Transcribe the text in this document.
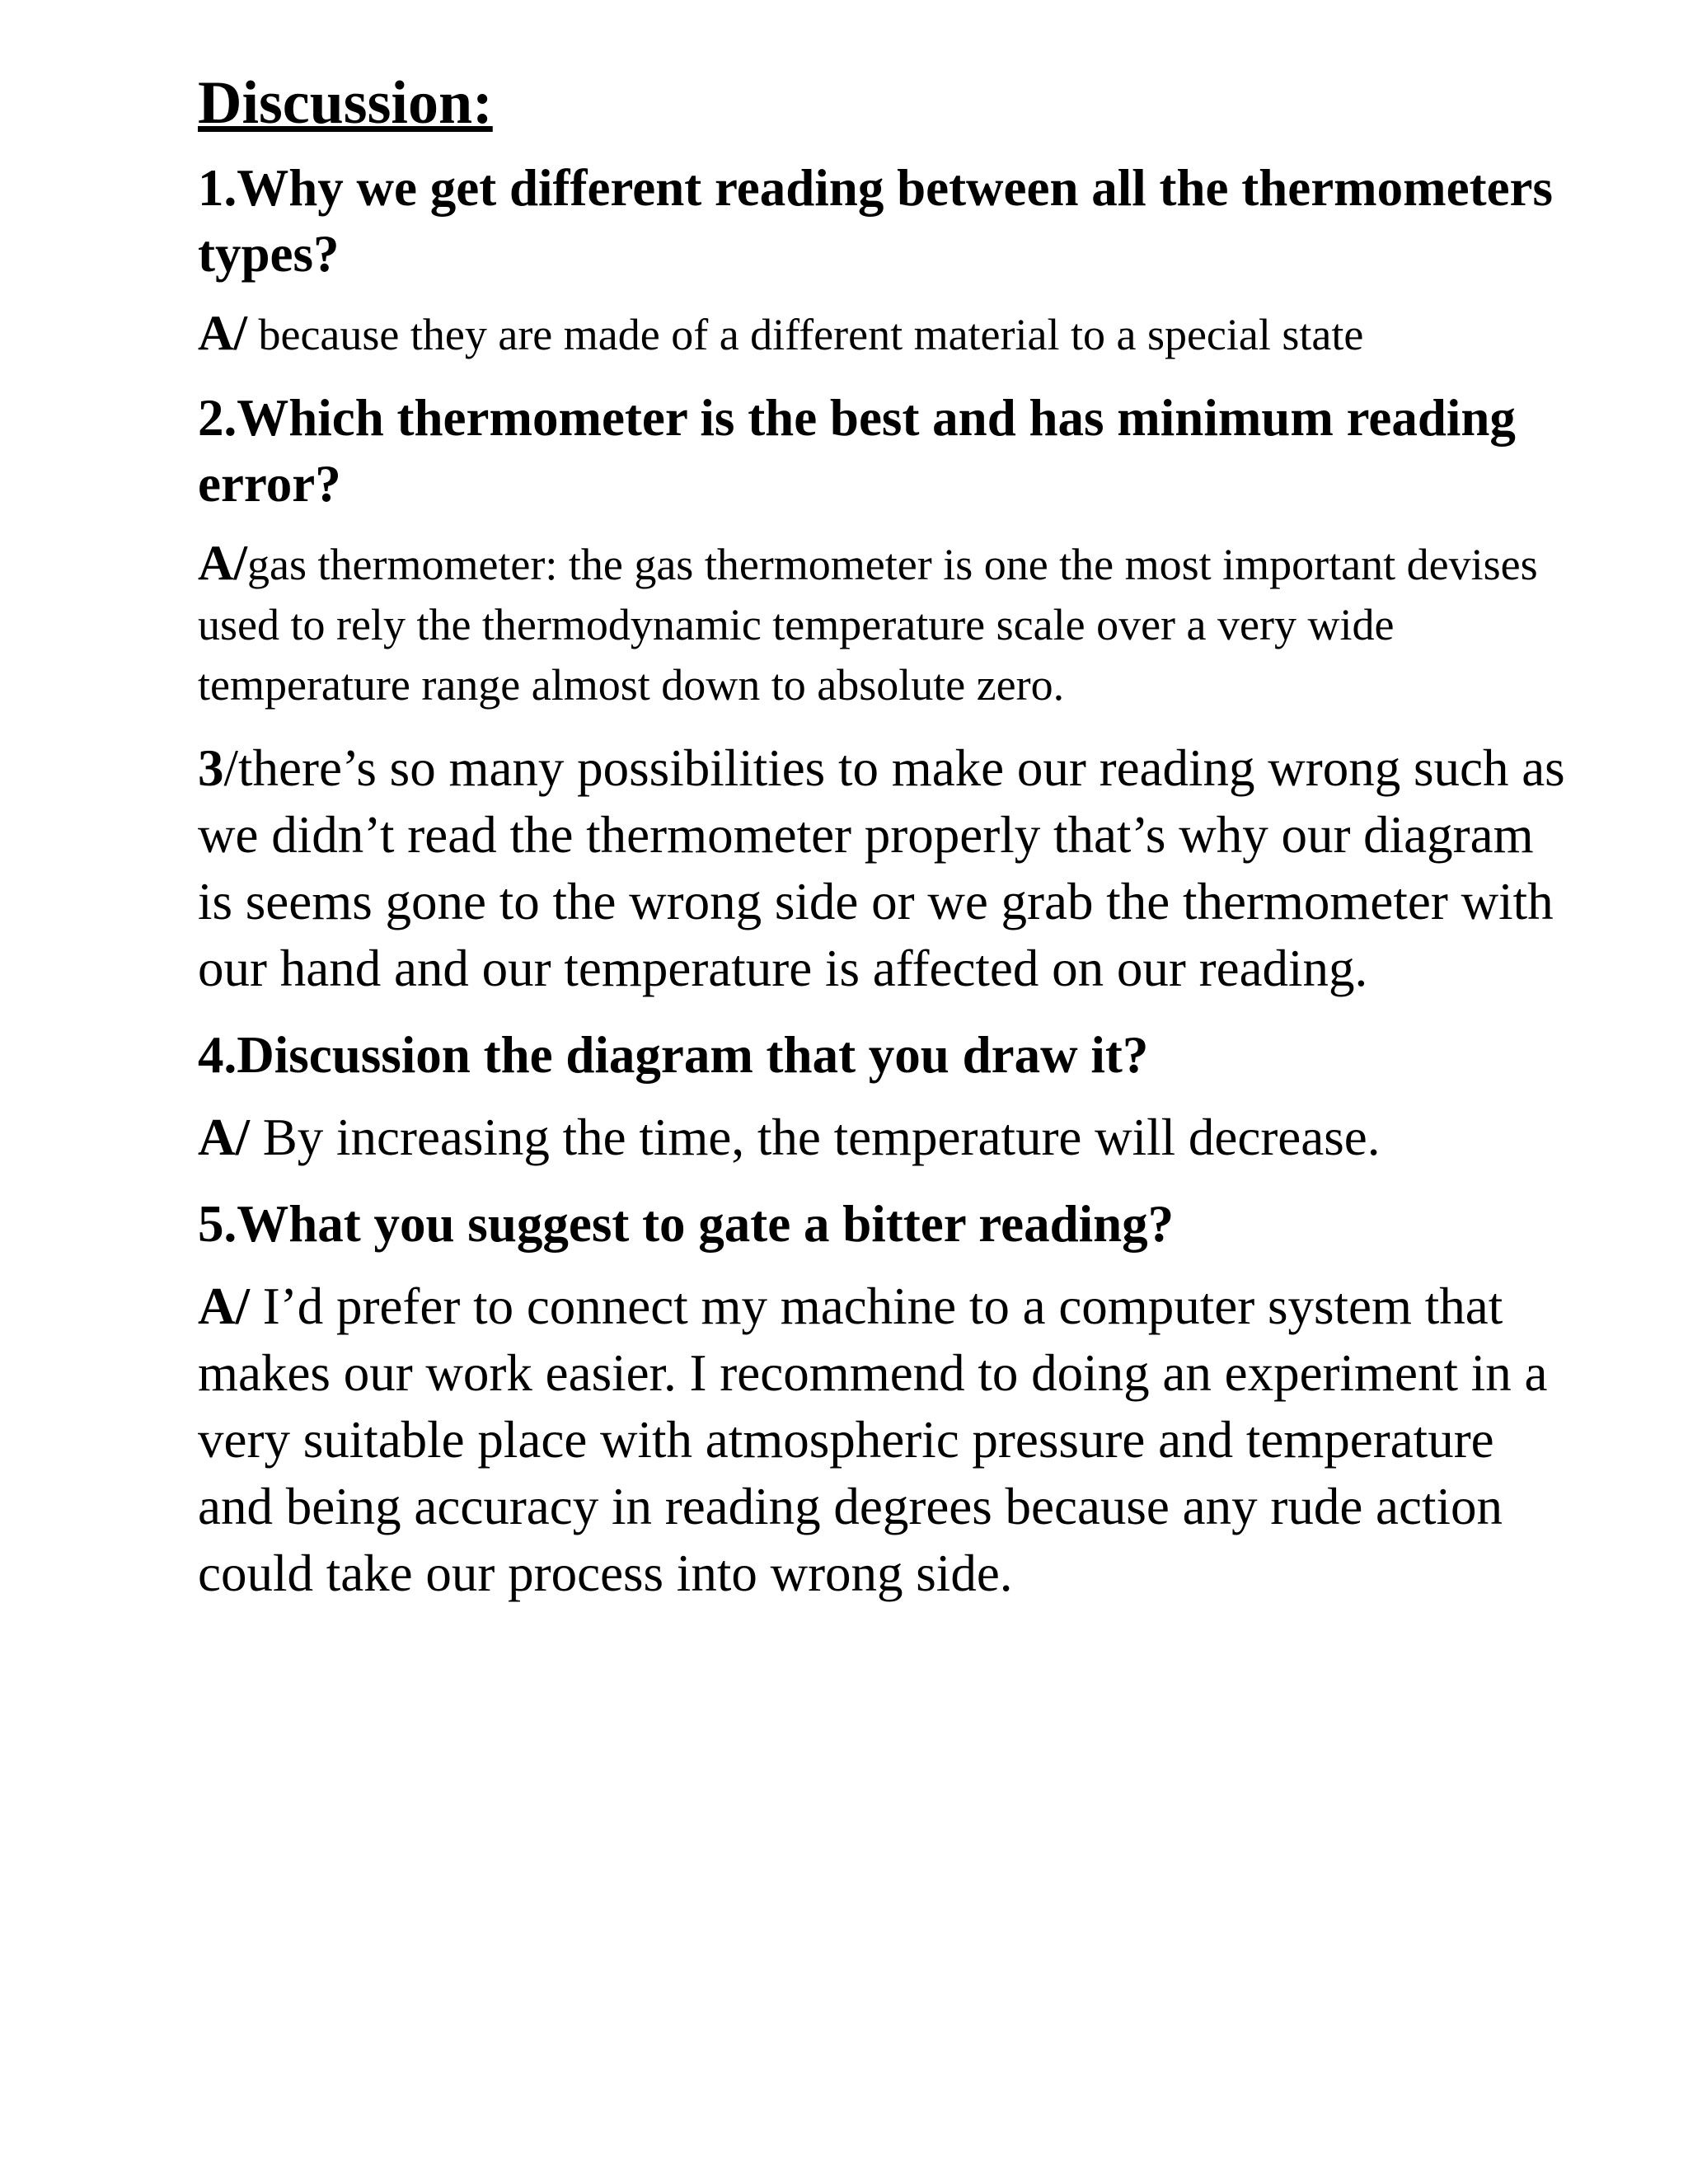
Discussion:
1.Why we get different reading between all the thermometers types?
A/ because they are made of a different material to a special state
2.Which thermometer is the best and has minimum reading error?
A/gas thermometer: the gas thermometer is one the most important devises used to rely the thermodynamic temperature scale over a very wide temperature range almost down to absolute zero.
3/there’s so many possibilities to make our reading wrong such as we didn’t read the thermometer properly that’s why our diagram is seems gone to the wrong side or we grab the thermometer with our hand and our temperature is affected on our reading.
4.Discussion the diagram that you draw it?
A/ By increasing the time, the temperature will decrease.
5.What you suggest to gate a bitter reading?
A/ I’d prefer to connect my machine to a computer system that makes our work easier. I recommend to doing an experiment in a very suitable place with atmospheric pressure and temperature and being accuracy in reading degrees because any rude action could take our process into wrong side.
